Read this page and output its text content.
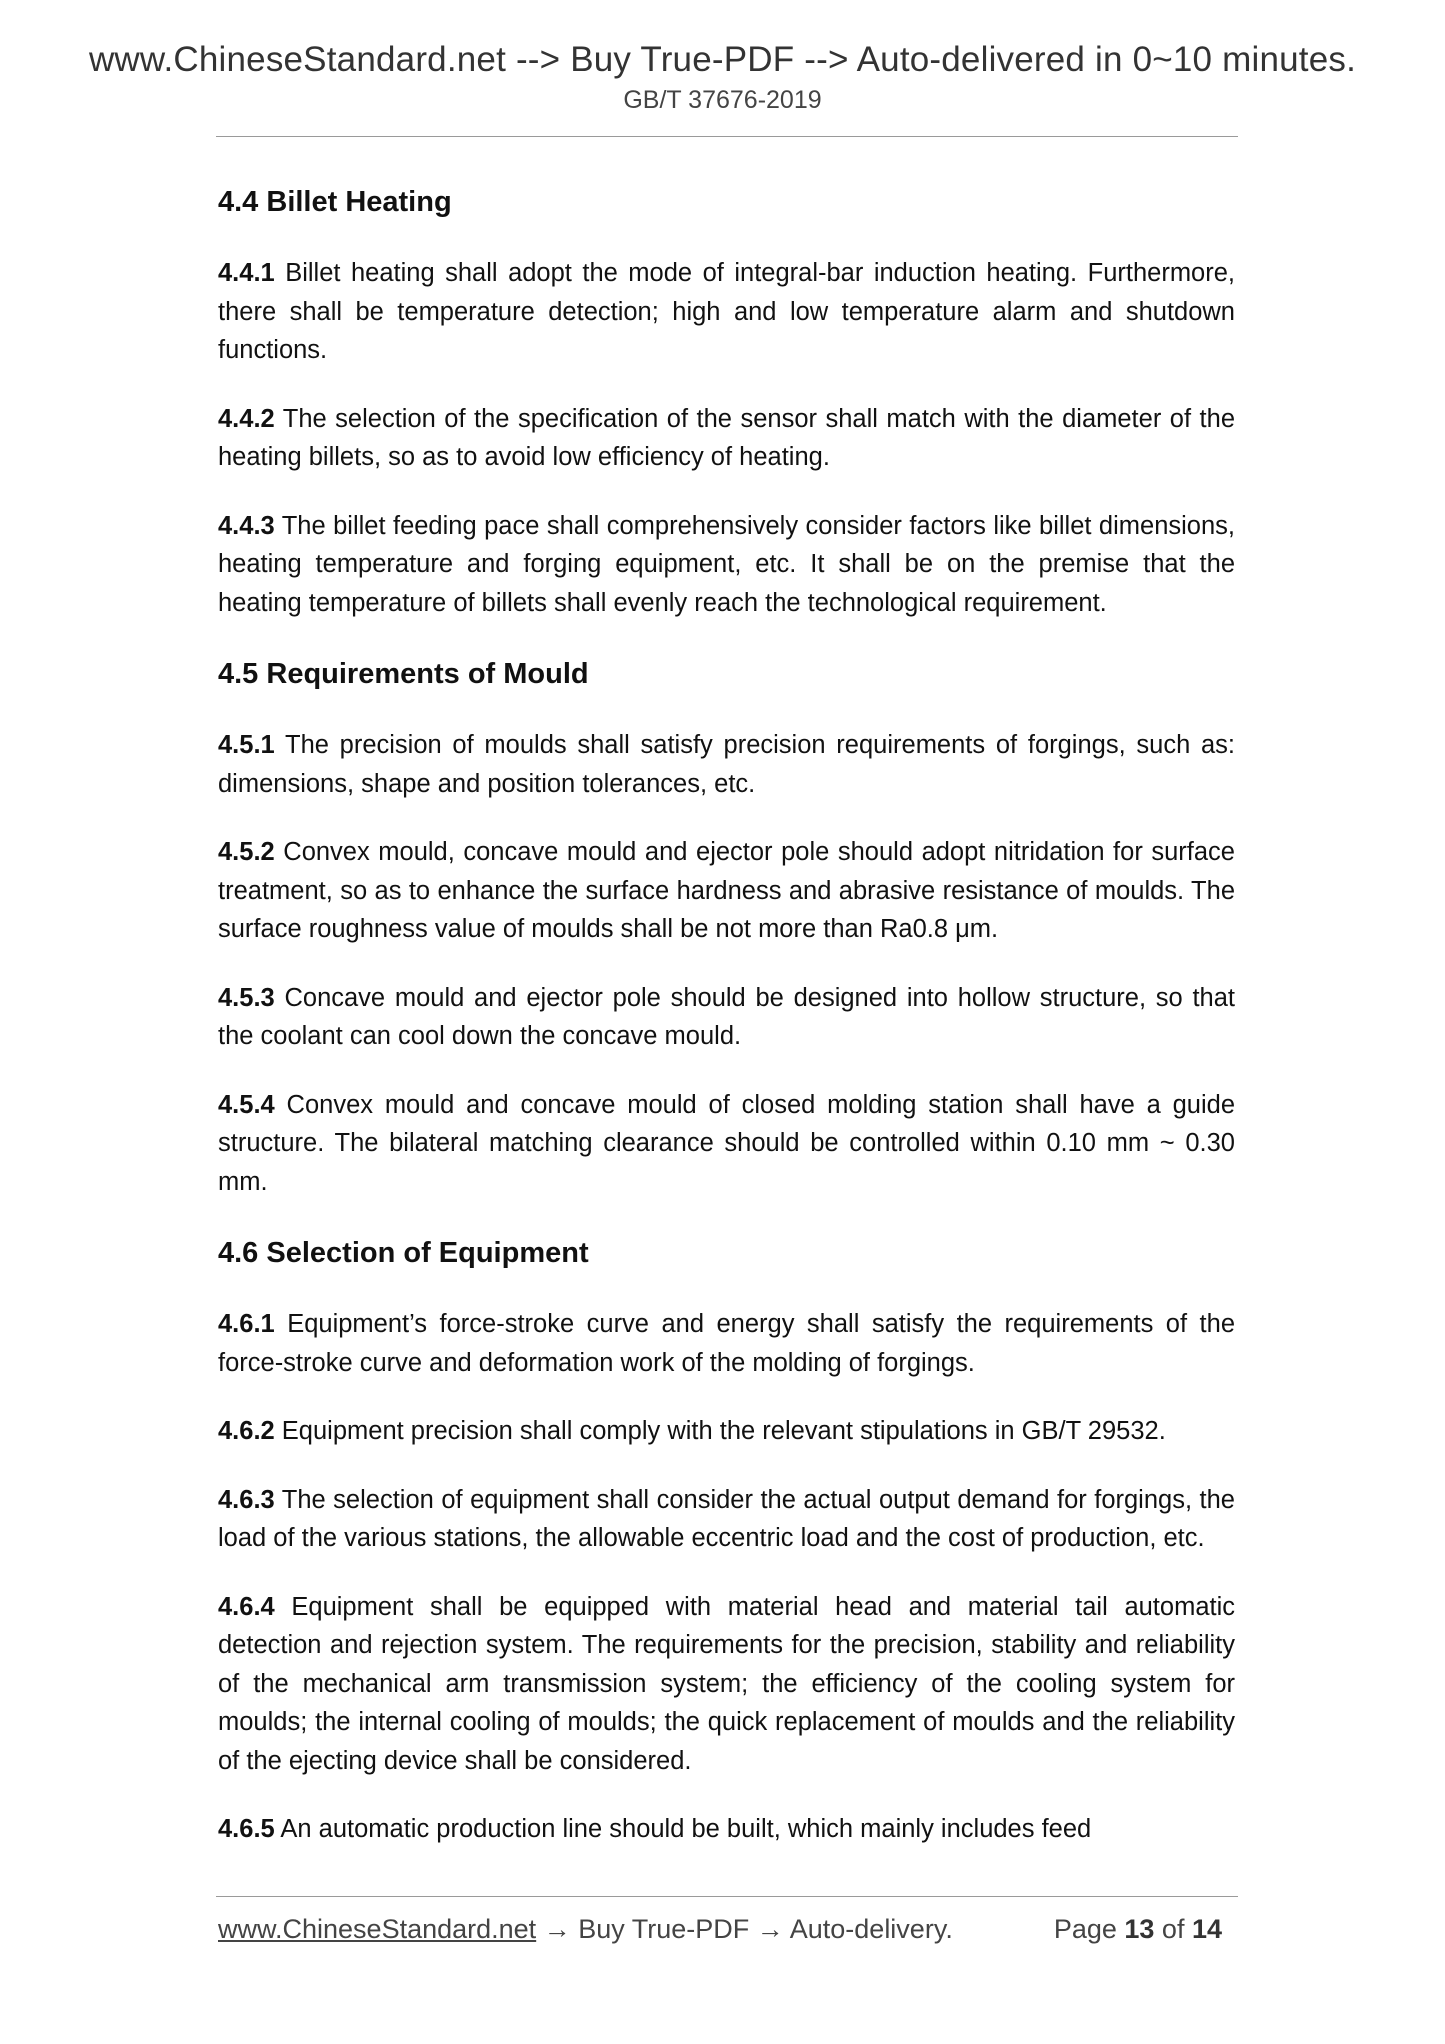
www.ChineseStandard.net --> Buy True-PDF --> Auto-delivered in 0~10 minutes.
GB/T 37676-2019
4.4 Billet Heating

4.4.1 Billet heating shall adopt the mode of integral-bar induction heating. Furthermore, there shall be temperature detection; high and low temperature alarm and shutdown functions.

4.4.2 The selection of the specification of the sensor shall match with the diameter of the heating billets, so as to avoid low efficiency of heating.

4.4.3 The billet feeding pace shall comprehensively consider factors like billet dimensions, heating temperature and forging equipment, etc. It shall be on the premise that the heating temperature of billets shall evenly reach the technological requirement.

4.5 Requirements of Mould

4.5.1 The precision of moulds shall satisfy precision requirements of forgings, such as: dimensions, shape and position tolerances, etc.

4.5.2 Convex mould, concave mould and ejector pole should adopt nitridation for surface treatment, so as to enhance the surface hardness and abrasive resistance of moulds. The surface roughness value of moulds shall be not more than Ra0.8 μm.

4.5.3 Concave mould and ejector pole should be designed into hollow structure, so that the coolant can cool down the concave mould.

4.5.4 Convex mould and concave mould of closed molding station shall have a guide structure. The bilateral matching clearance should be controlled within 0.10 mm ~ 0.30 mm.

4.6 Selection of Equipment

4.6.1 Equipment’s force-stroke curve and energy shall satisfy the requirements of the force-stroke curve and deformation work of the molding of forgings.

4.6.2 Equipment precision shall comply with the relevant stipulations in GB/T 29532.

4.6.3 The selection of equipment shall consider the actual output demand for forgings, the load of the various stations, the allowable eccentric load and the cost of production, etc.

4.6.4 Equipment shall be equipped with material head and material tail automatic detection and rejection system. The requirements for the precision, stability and reliability of the mechanical arm transmission system; the efficiency of the cooling system for moulds; the internal cooling of moulds; the quick replacement of moulds and the reliability of the ejecting device shall be considered.

4.6.5 An automatic production line should be built, which mainly includes feed

www.ChineseStandard.net → Buy True-PDF → Auto-delivery.	Page 13 of 14
